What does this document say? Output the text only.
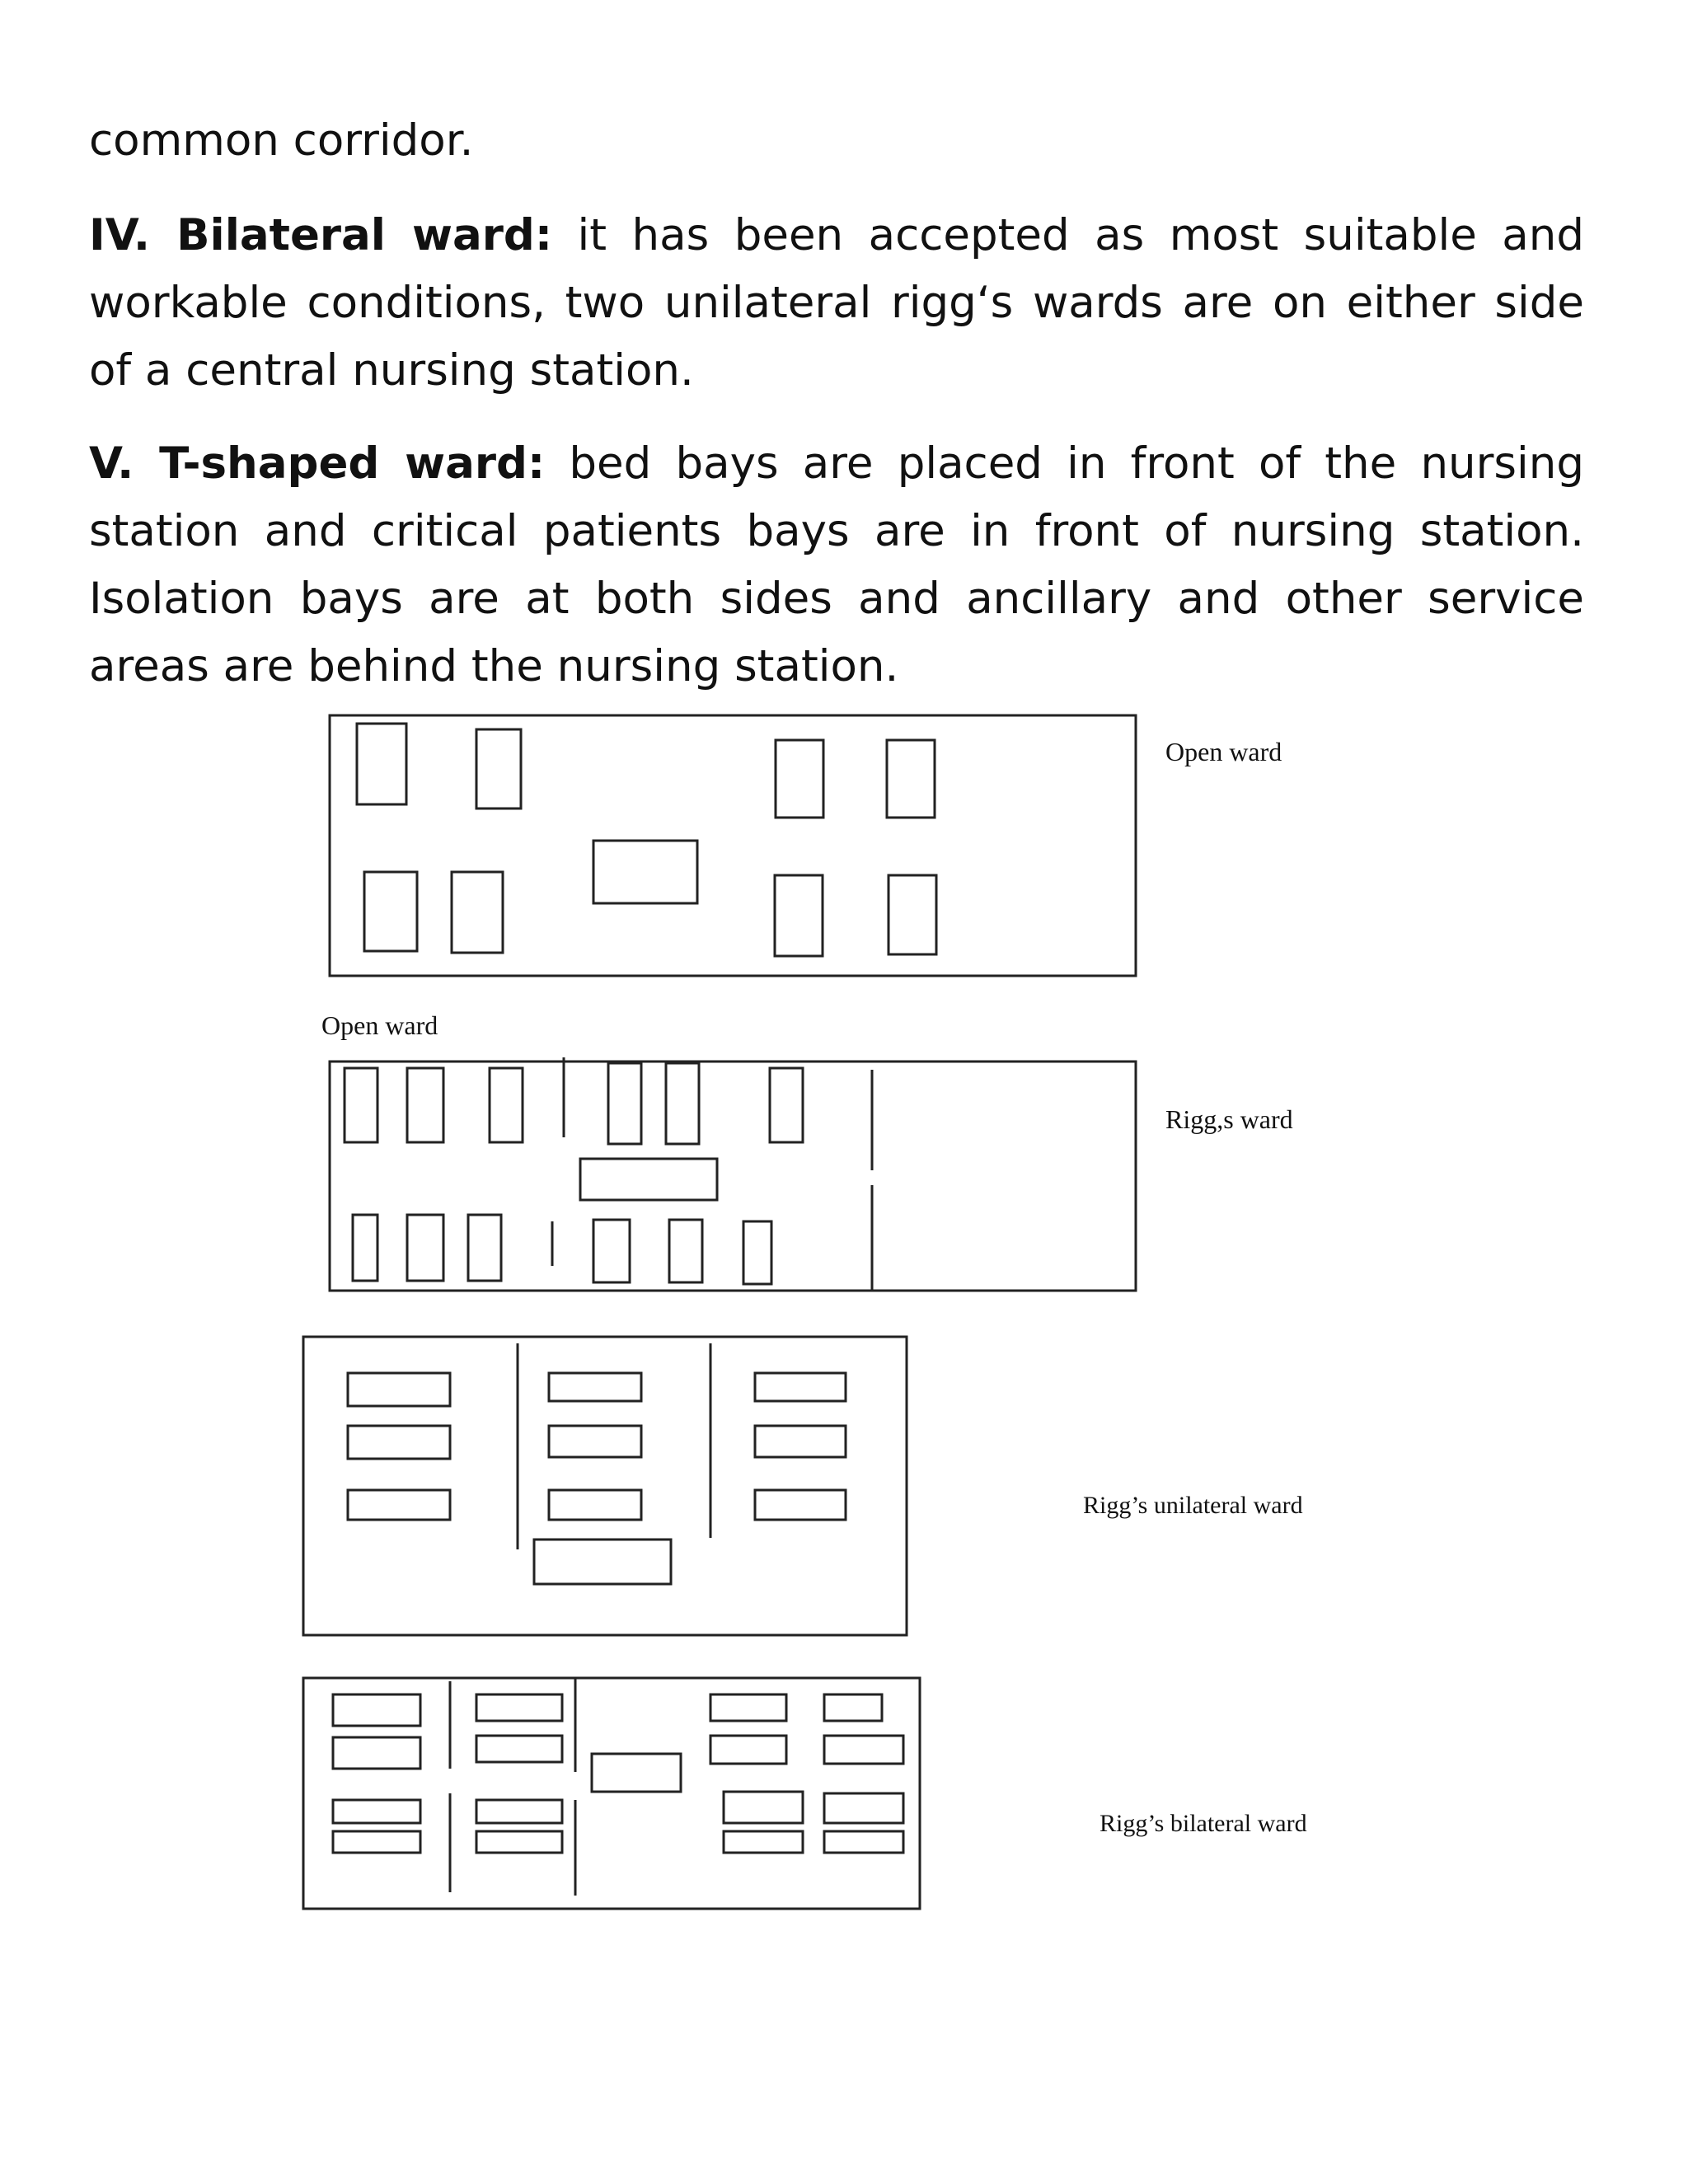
common corridor.

IV. Bilateral ward: it has been accepted as most suitable and workable conditions, two unilateral rigg‘s wards are on either side of a central nursing station.

V. T-shaped ward: bed bays are placed in front of the nursing station and critical patients bays are in front of nursing station. Isolation bays are at both sides and ancillary and other service areas are behind the nursing station.

Open ward
Open ward
Rigg,s ward
Rigg’s unilateral ward
Rigg’s bilateral ward
